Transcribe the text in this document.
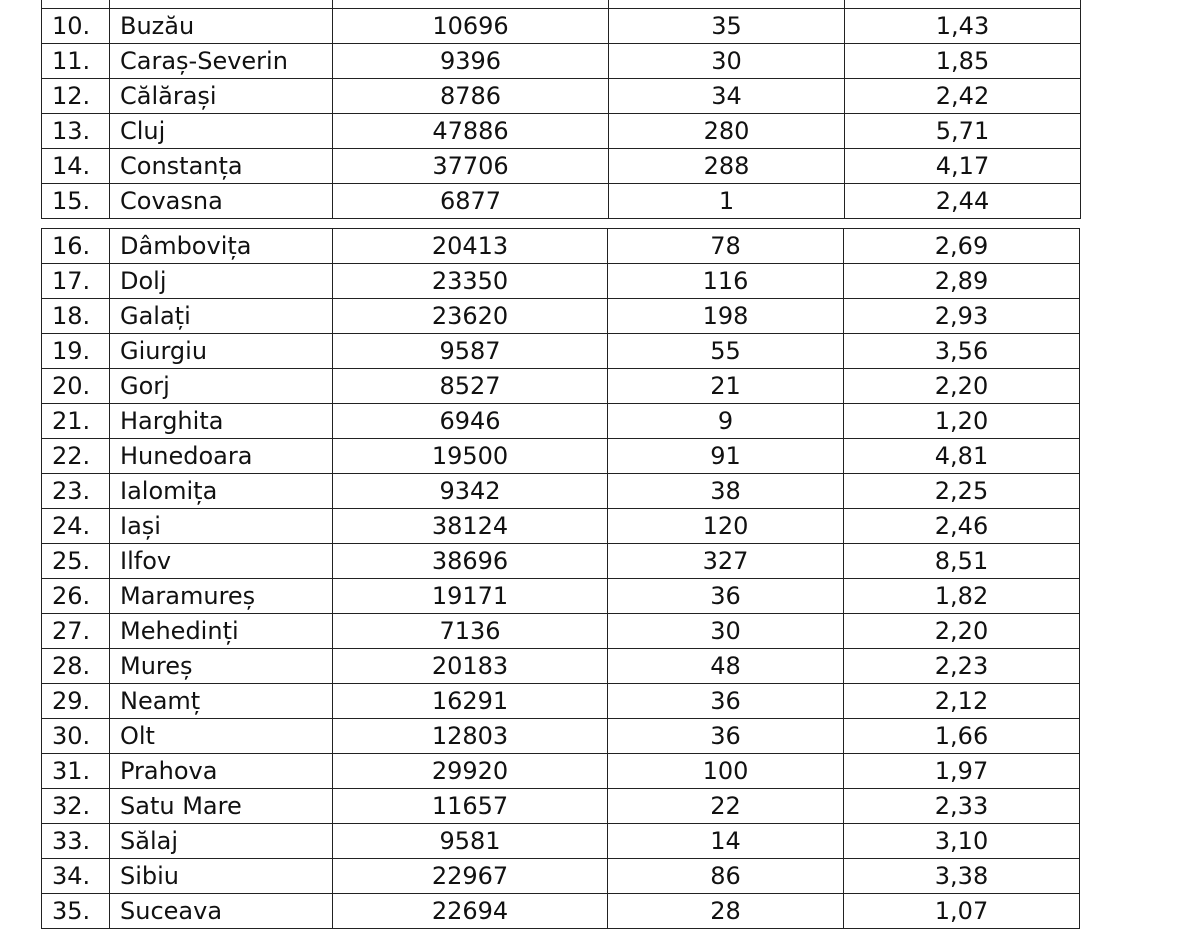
10.	Buzău	10696	35	1,43
11.	Caraș-Severin	9396	30	1,85
12.	Călărași	8786	34	2,42
13.	Cluj	47886	280	5,71
14.	Constanța	37706	288	4,17
15.	Covasna	6877	1	2,44
16.	Dâmbovița	20413	78	2,69
17.	Dolj	23350	116	2,89
18.	Galați	23620	198	2,93
19.	Giurgiu	9587	55	3,56
20.	Gorj	8527	21	2,20
21.	Harghita	6946	9	1,20
22.	Hunedoara	19500	91	4,81
23.	Ialomița	9342	38	2,25
24.	Iași	38124	120	2,46
25.	Ilfov	38696	327	8,51
26.	Maramureș	19171	36	1,82
27.	Mehedinți	7136	30	2,20
28.	Mureș	20183	48	2,23
29.	Neamț	16291	36	2,12
30.	Olt	12803	36	1,66
31.	Prahova	29920	100	1,97
32.	Satu Mare	11657	22	2,33
33.	Sălaj	9581	14	3,10
34.	Sibiu	22967	86	3,38
35.	Suceava	22694	28	1,07
